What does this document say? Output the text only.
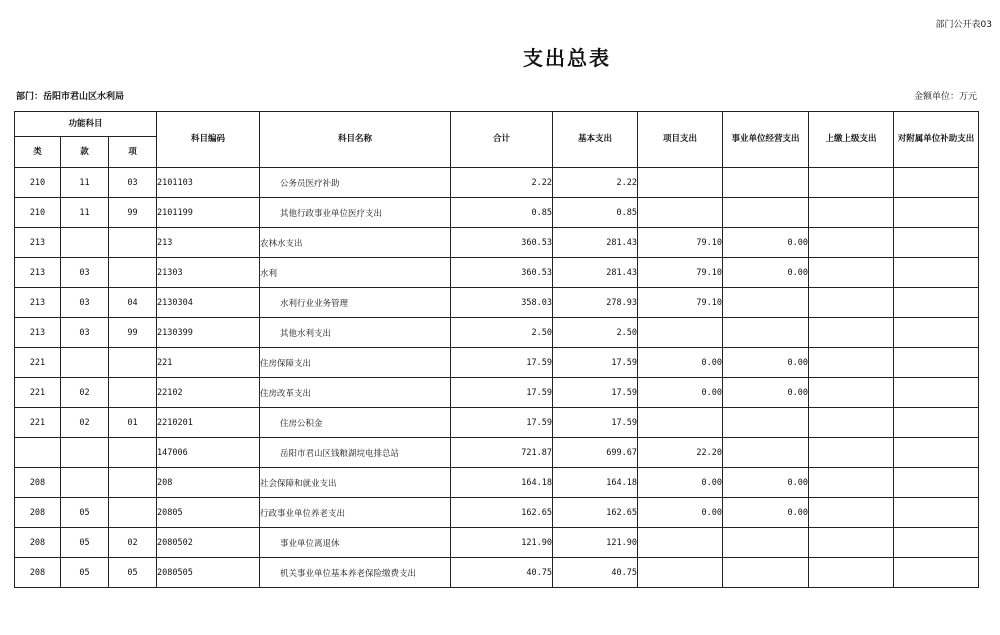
部门公开表03
支出总表
部门：岳阳市君山区水利局	金额单位：万元
功能科目			科目编码	科目名称	合计	基本支出	项目支出	事业单位经营支出	上缴上级支出	对附属单位补助支出
类	款	项								
210	11	03	2101103	公务员医疗补助	2.22	2.22				
210	11	99	2101199	其他行政事业单位医疗支出	0.85	0.85				
213			213	农林水支出	360.53	281.43	79.10	0.00		
213	03		21303	水利	360.53	281.43	79.10	0.00		
213	03	04	2130304	水利行业业务管理	358.03	278.93	79.10			
213	03	99	2130399	其他水利支出	2.50	2.50				
221			221	住房保障支出	17.59	17.59	0.00	0.00		
221	02		22102	住房改革支出	17.59	17.59	0.00	0.00		
221	02	01	2210201	住房公积金	17.59	17.59				
			147006	岳阳市君山区钱粮湖垸电排总站	721.87	699.67	22.20			
208			208	社会保障和就业支出	164.18	164.18	0.00	0.00		
208	05		20805	行政事业单位养老支出	162.65	162.65	0.00	0.00		
208	05	02	2080502	事业单位离退休	121.90	121.90				
208	05	05	2080505	机关事业单位基本养老保险缴费支出	40.75	40.75				
